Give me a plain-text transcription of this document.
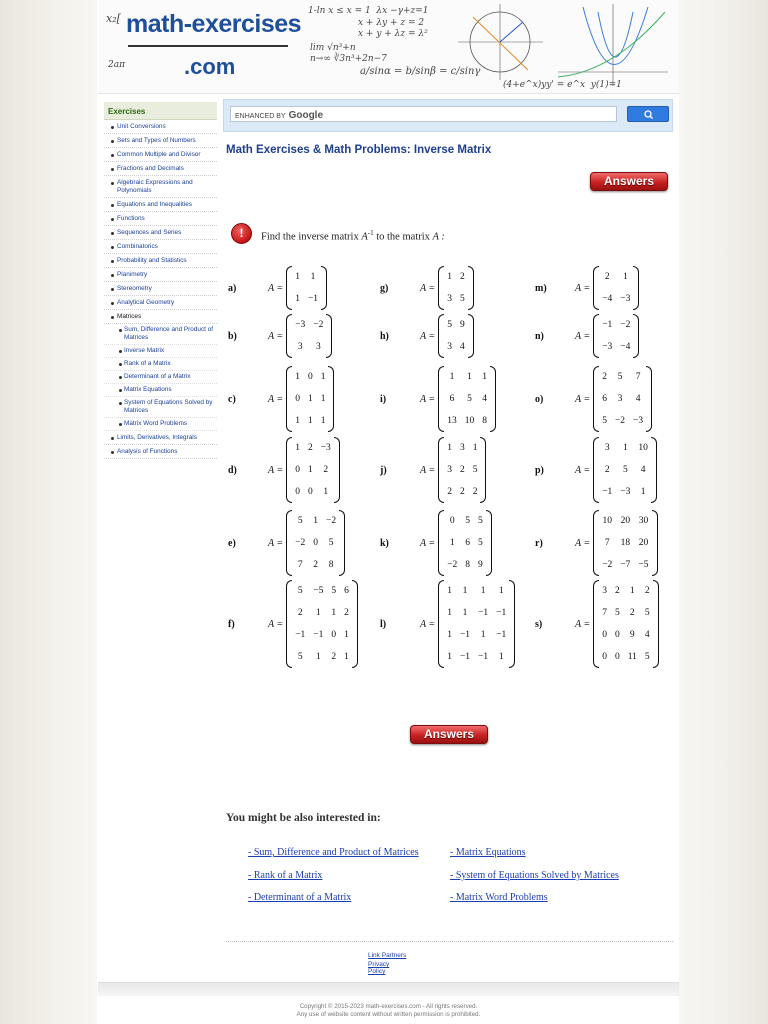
math-exercises
.com
x₂[
2aπ
1-ln x ≤ x = 1  λx −γ+z=1
x + λy + z = 2
x + y + λz = λ²
lim √n³+n
n→∞ ∛3n³+2n−7
a/sinα = b/sinβ = c/sinγ
(4+e^x)yy' = e^x  y(1)=1
Exercises
Unit Conversions
Sets and Types of Numbers
Common Multiple and Divisor
Fractions and Decimals
Algebraic Expressions and Polynomials
Equations and Inequalities
Functions
Sequences and Series
Combinatorics
Probability and Statistics
Planimetry
Stereometry
Analytical Geometry
Matrices
Sum, Difference and Product of Matrices
Inverse Matrix
Rank of a Matrix
Determinant of a Matrix
Matrix Equations
System of Equations Solved by Matrices
Matrix Word Problems
Limits, Derivatives, Integrals
Analysis of Functions
ENHANCED BY Google
Math Exercises & Math Problems: Inverse Matrix
Answers
!	Find the inverse matrix $A^{-1}$ to the matrix A :
a)	A =
1	1
1	−1
b)	A =
−3	−2
3	3
c)	A =
1	0	1
0	1	1
1	1	1
d)	A =
1	2	−3
0	1	2
0	0	1
e)	A =
5	1	−2
−2	0	5
7	2	8
f)	A =
5	−5	5	6
2	1	1	2
−1	−1	0	1
5	1	2	1
g)	A =
1	2
3	5
h)	A =
5	9
3	4
i)	A =
1	1	1
6	5	4
13	10	8
j)	A =
1	3	1
3	2	5
2	2	2
k)	A =
0	5	5
1	6	5
−2	8	9
l)	A =
1	1	1	1
1	1	−1	−1
1	−1	1	−1
1	−1	−1	1
m)	A =
2	1
−4	−3
n)	A =
−1	−2
−3	−4
o)	A =
2	5	7
6	3	4
5	−2	−3
p)	A =
3	1	10
2	5	4
−1	−3	1
r)	A =
10	20	30
7	18	20
−2	−7	−5
s)	A =
3	2	1	2
7	5	2	5
0	0	9	4
0	0	11	5
Answers
You might be also interested in:
- Sum, Difference and Product of Matrices	- Matrix Equations
- Rank of a Matrix	- System of Equations Solved by Matrices
- Determinant of a Matrix	- Matrix Word Problems
Link Partners
Privacy Policy
Copyright © 2015-2023 math-exercises.com - All rights reserved.
Any use of website content without written permission is prohibited.
